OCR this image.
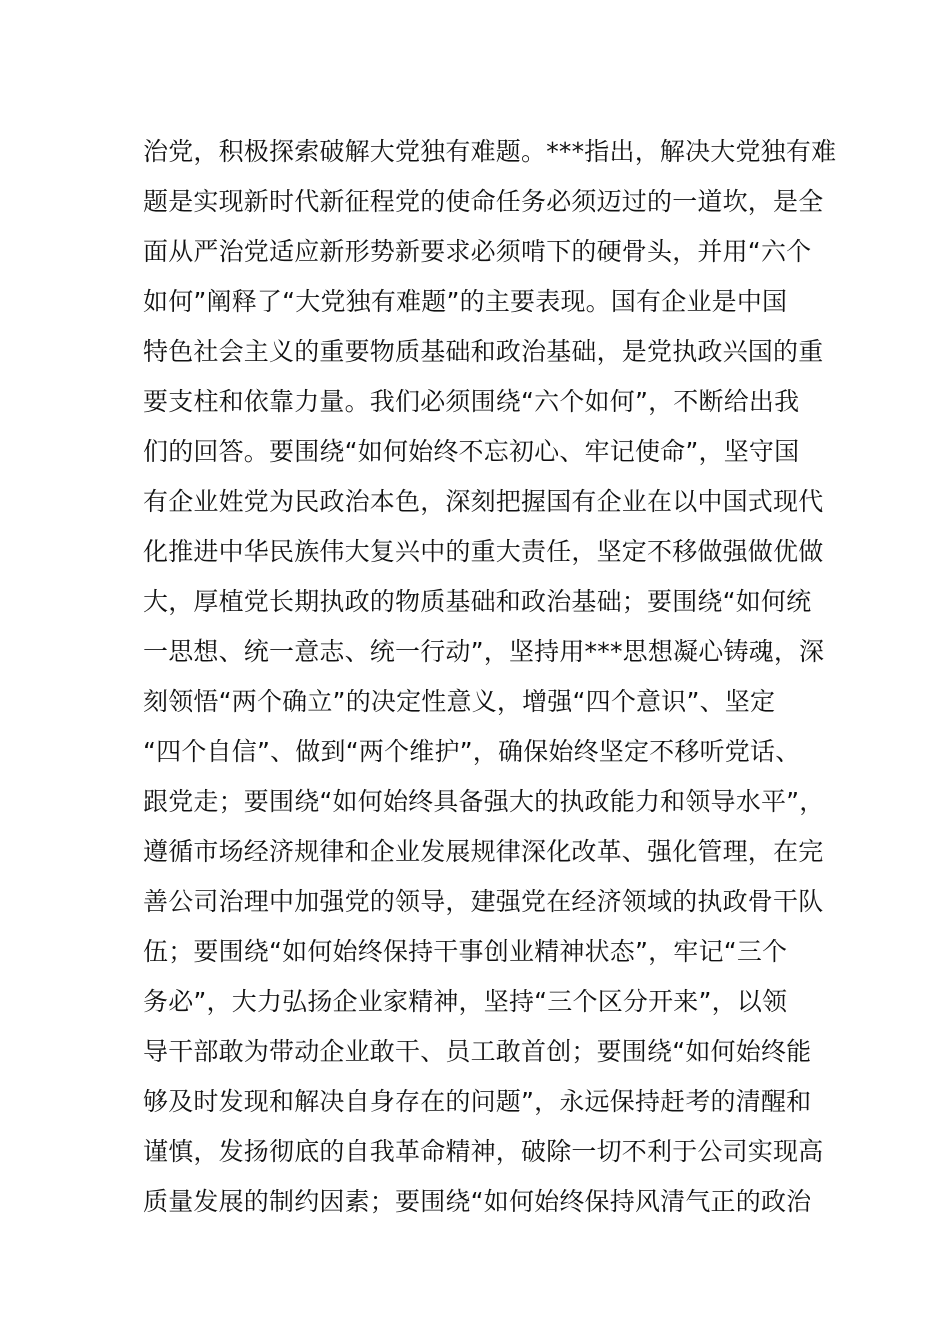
治党，积极探索破解大党独有难题。***指出，解决大党独有难
题是实现新时代新征程党的使命任务必须迈过的一道坎，是全
面从严治党适应新形势新要求必须啃下的硬骨头，并用“六个
如何”阐释了“大党独有难题”的主要表现。国有企业是中国
特色社会主义的重要物质基础和政治基础，是党执政兴国的重
要支柱和依靠力量。我们必须围绕“六个如何”，不断给出我
们的回答。要围绕“如何始终不忘初心、牢记使命”，坚守国
有企业姓党为民政治本色，深刻把握国有企业在以中国式现代
化推进中华民族伟大复兴中的重大责任，坚定不移做强做优做
大，厚植党长期执政的物质基础和政治基础；要围绕“如何统
一思想、统一意志、统一行动”，坚持用***思想凝心铸魂，深
刻领悟“两个确立”的决定性意义，增强“四个意识”、坚定
“四个自信”、做到“两个维护”，确保始终坚定不移听党话、
跟党走；要围绕“如何始终具备强大的执政能力和领导水平”，
遵循市场经济规律和企业发展规律深化改革、强化管理，在完
善公司治理中加强党的领导，建强党在经济领域的执政骨干队
伍；要围绕“如何始终保持干事创业精神状态”，牢记“三个
务必”，大力弘扬企业家精神，坚持“三个区分开来”，以领
导干部敢为带动企业敢干、员工敢首创；要围绕“如何始终能
够及时发现和解决自身存在的问题”，永远保持赶考的清醒和
谨慎，发扬彻底的自我革命精神，破除一切不利于公司实现高
质量发展的制约因素；要围绕“如何始终保持风清气正的政治
